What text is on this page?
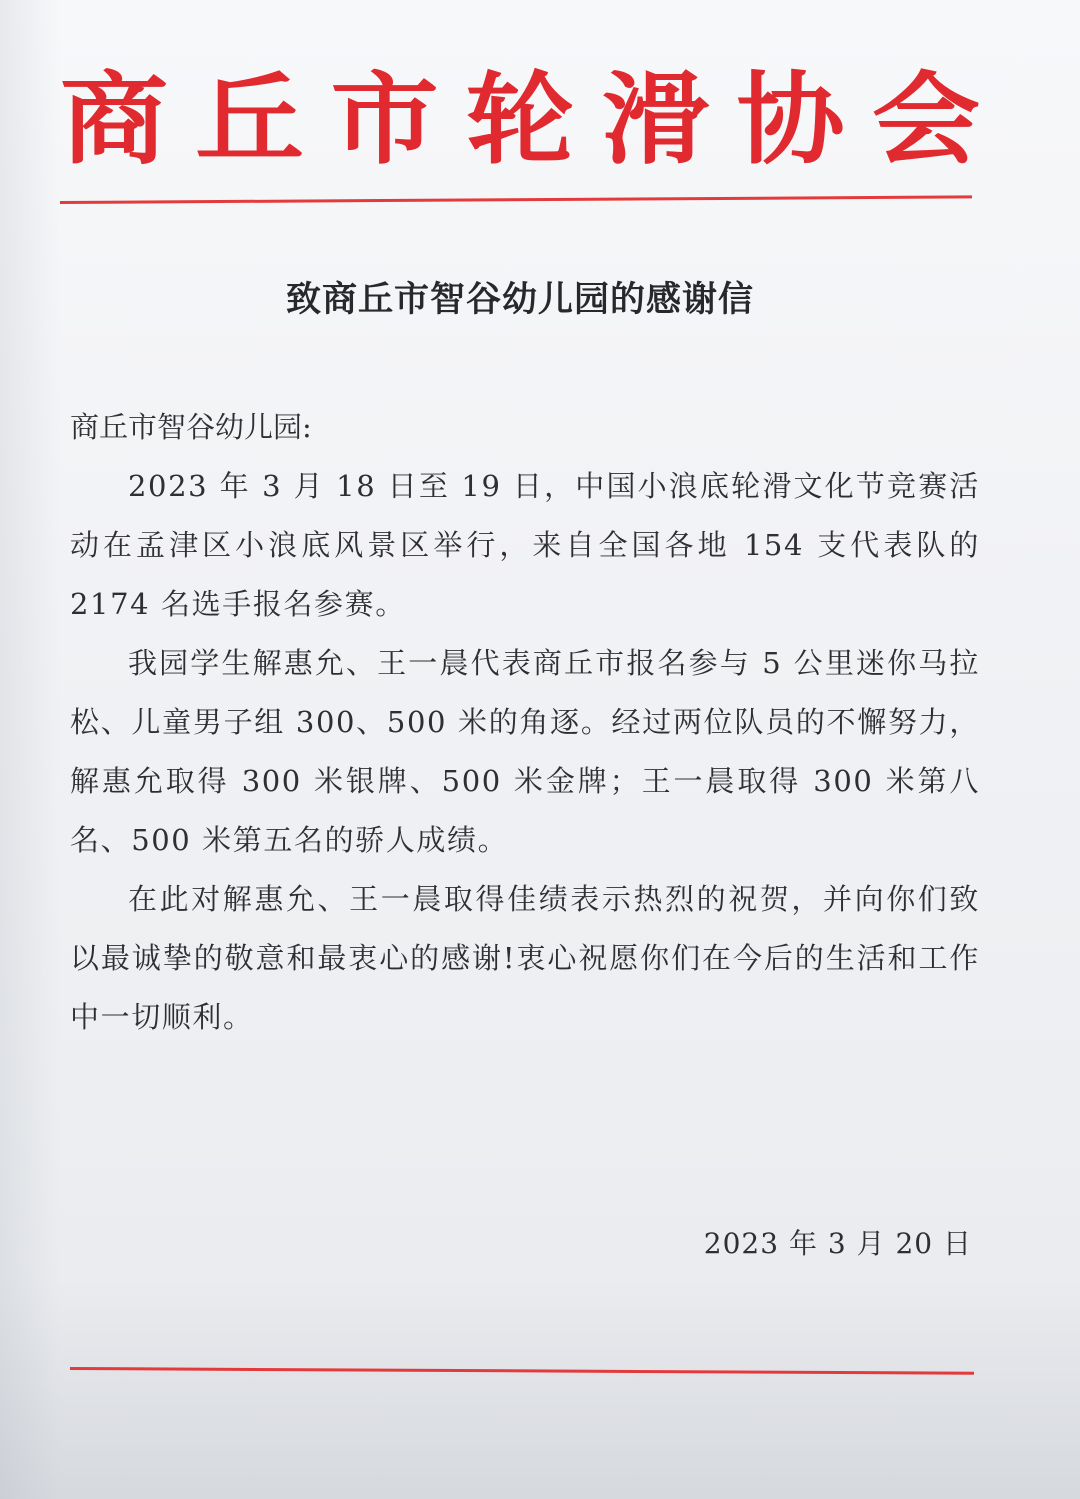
商 丘 市 轮 滑 协 会
致商丘市智谷幼儿园的感谢信

商丘市智谷幼儿园:

2023 年 3 月 18 日至 19 日，中国小浪底轮滑文化节竞赛活动在孟津区小浪底风景区举行，来自全国各地 154 支代表队的 2174 名选手报名参赛。

我园学生解惠允、王一晨代表商丘市报名参与 5 公里迷你马拉松、儿童男子组 300、500 米的角逐。经过两位队员的不懈努力，解惠允取得 300 米银牌、500 米金牌；王一晨取得 300 米第八名、500 米第五名的骄人成绩。

在此对解惠允、王一晨取得佳绩表示热烈的祝贺，并向你们致以最诚挚的敬意和最衷心的感谢!衷心祝愿你们在今后的生活和工作中一切顺利。

2023 年 3 月 20 日
